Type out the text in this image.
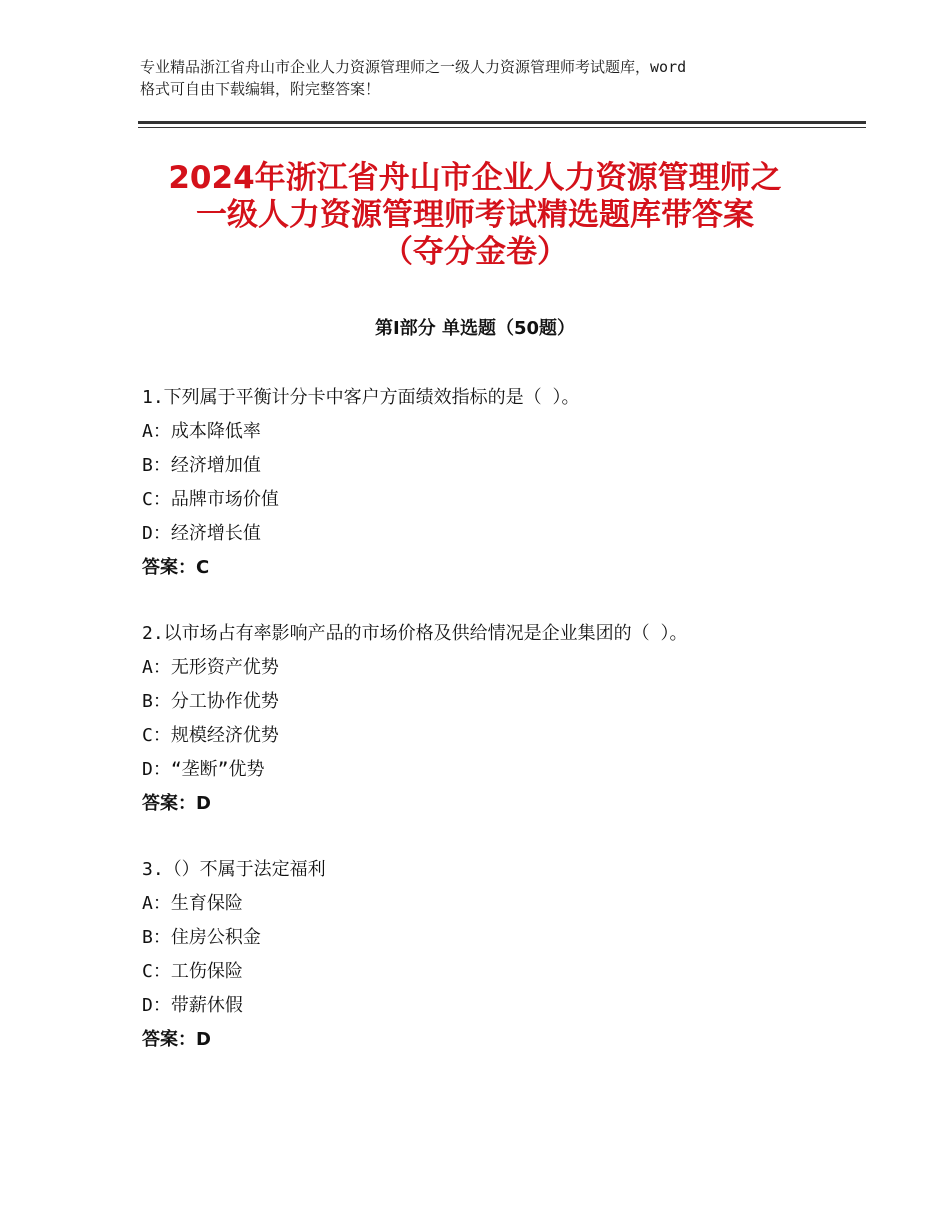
专业精品浙江省舟山市企业人力资源管理师之一级人力资源管理师考试题库，word
格式可自由下载编辑，附完整答案！
2024年浙江省舟山市企业人力资源管理师之
一级人力资源管理师考试精选题库带答案
（夺分金卷）
第Ⅰ部分 单选题（50题）
1.下列属于平衡计分卡中客户方面绩效指标的是（ ）。
A：成本降低率
B：经济增加值
C：品牌市场价值
D：经济增长值
答案：C
2.以市场占有率影响产品的市场价格及供给情况是企业集团的（ ）。
A：无形资产优势
B：分工协作优势
C：规模经济优势
D：“垄断”优势
答案：D
3.（）不属于法定福利
A：生育保险
B：住房公积金
C：工伤保险
D：带薪休假
答案：D
